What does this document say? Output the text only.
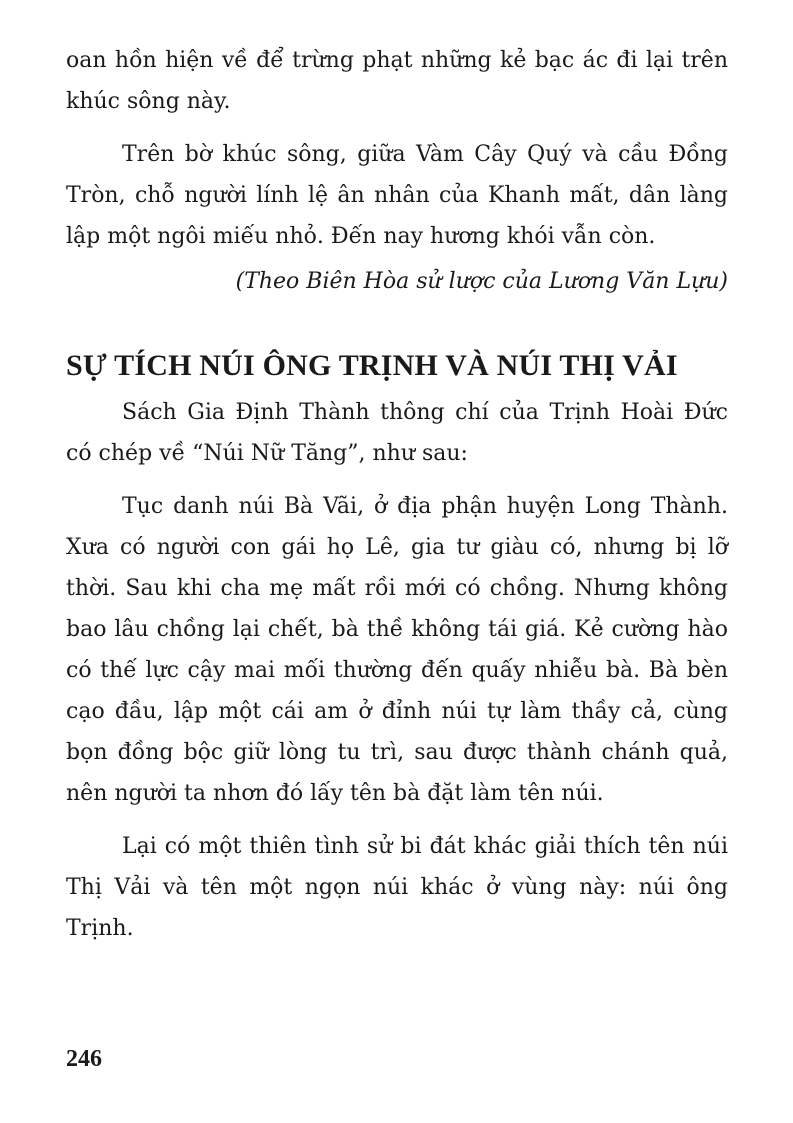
oan hồn hiện về để trừng phạt những kẻ bạc ác đi lại trên khúc sông này.

Trên bờ khúc sông, giữa Vàm Cây Quý và cầu Đồng Tròn, chỗ người lính lệ ân nhân của Khanh mất, dân làng lập một ngôi miếu nhỏ. Đến nay hương khói vẫn còn.

(Theo Biên Hòa sử lược của Lương Văn Lựu)

SỰ TÍCH NÚI ÔNG TRỊNH VÀ NÚI THỊ VẢI

Sách Gia Định Thành thông chí của Trịnh Hoài Đức có chép về “Núi Nữ Tăng”, như sau:

Tục danh núi Bà Vãi, ở địa phận huyện Long Thành. Xưa có người con gái họ Lê, gia tư giàu có, nhưng bị lỡ thời. Sau khi cha mẹ mất rồi mới có chồng. Nhưng không bao lâu chồng lại chết, bà thề không tái giá. Kẻ cường hào có thế lực cậy mai mối thường đến quấy nhiễu bà. Bà bèn cạo đầu, lập một cái am ở đỉnh núi tự làm thầy cả, cùng bọn đồng bộc giữ lòng tu trì, sau được thành chánh quả, nên người ta nhơn đó lấy tên bà đặt làm tên núi.

Lại có một thiên tình sử bi đát khác giải thích tên núi Thị Vải và tên một ngọn núi khác ở vùng này: núi ông Trịnh.

246
